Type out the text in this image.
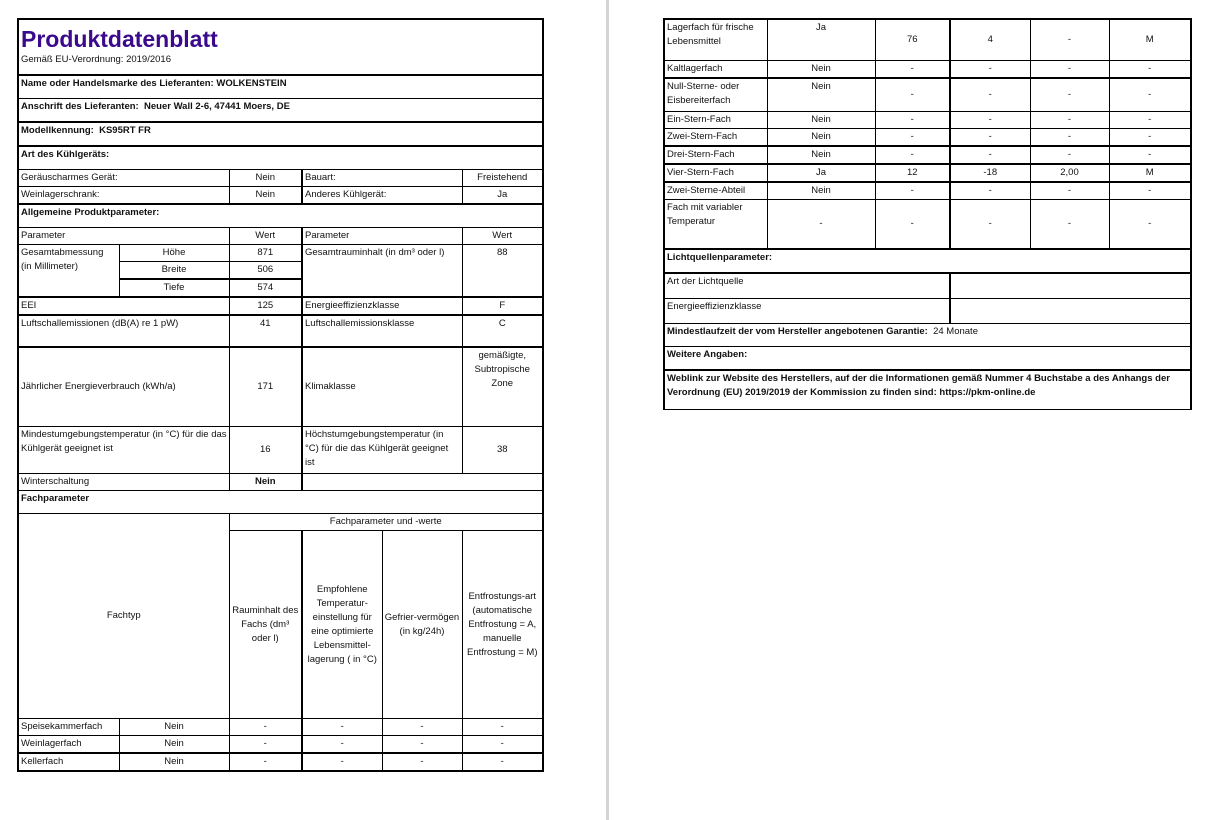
Produktdatenblatt
Gemäß EU-Verordnung: 2019/2016					

Name oder Handelsmarke des Lieferanten: WOLKENSTEIN					
Anschrift des Lieferanten: Neuer Wall 2-6, 47441 Moers, DE					
Modellkennung: KS95RT FR					
Art des Kühlgeräts:					
Geräuscharmes Gerät:		Nein	Bauart:		Freistehend
Weinlagerschrank:		Nein	Anderes Kühlgerät:		Ja
Allgemeine Produktparameter:					
Parameter		Wert	Parameter		Wert
Gesamtabmessung (in Millimeter)	Höhe	871	Gesamtrauminhalt (in dm³ oder l)		88
	Breite	506			
	Tiefe	574			
EEI		125	Energieeffizienzklasse		F
Luftschallemissionen (dB(A) re 1 pW)		41	Luftschallemissionsklasse		C
Jährlicher Energieverbrauch (kWh/a)		171	Klimaklasse		gemäßigte, Subtropische Zone
Mindestumgebungstemperatur (in °C) für die das Kühlgerät geeignet ist		16	Höchstumgebungstemperatur (in °C) für die das Kühlgerät geeignet ist		38
Winterschaltung		Nein			
Fachparameter					
Fachtyp		Fachparameter und -werte			
		Rauminhalt des Fachs (dm³ oder l)	Empfohlene Temperatur-einstellung für eine optimierte Lebensmittel-lagerung ( in °C)	Gefrier-vermögen (in kg/24h)	Entfrostungs-art (automatische Entfrostung = A, manuelle Entfrostung = M)
Speisekammerfach	Nein	-	-	-	-
Weinlagerfach	Nein	-	-	-	-
Kellerfach	Nein	-	-	-	-
Lagerfach für frische Lebensmittel	Ja	76	4	-	M
Kaltlagerfach	Nein	-	-	-	-
Null-Sterne- oder Eisbereiterfach	Nein	-	-	-	-
Ein-Stern-Fach	Nein	-	-	-	-
Zwei-Stern-Fach	Nein	-	-	-	-
Drei-Stern-Fach	Nein	-	-	-	-
Vier-Stern-Fach	Ja	12	-18	2,00	M
Zwei-Sterne-Abteil	Nein	-	-	-	-
Fach mit variabler Temperatur	-	-	-	-	-
Lichtquellenparameter:					
Art der Lichtquelle					
Energieeffizienzklasse					
Mindestlaufzeit der vom Hersteller angebotenen Garantie: 24 Monate					
Weitere Angaben:					
Weblink zur Website des Herstellers, auf der die Informationen gemäß Nummer 4 Buchstabe a des Anhangs der Verordnung (EU) 2019/2019 der Kommission zu finden sind: https://pkm-online.de					
